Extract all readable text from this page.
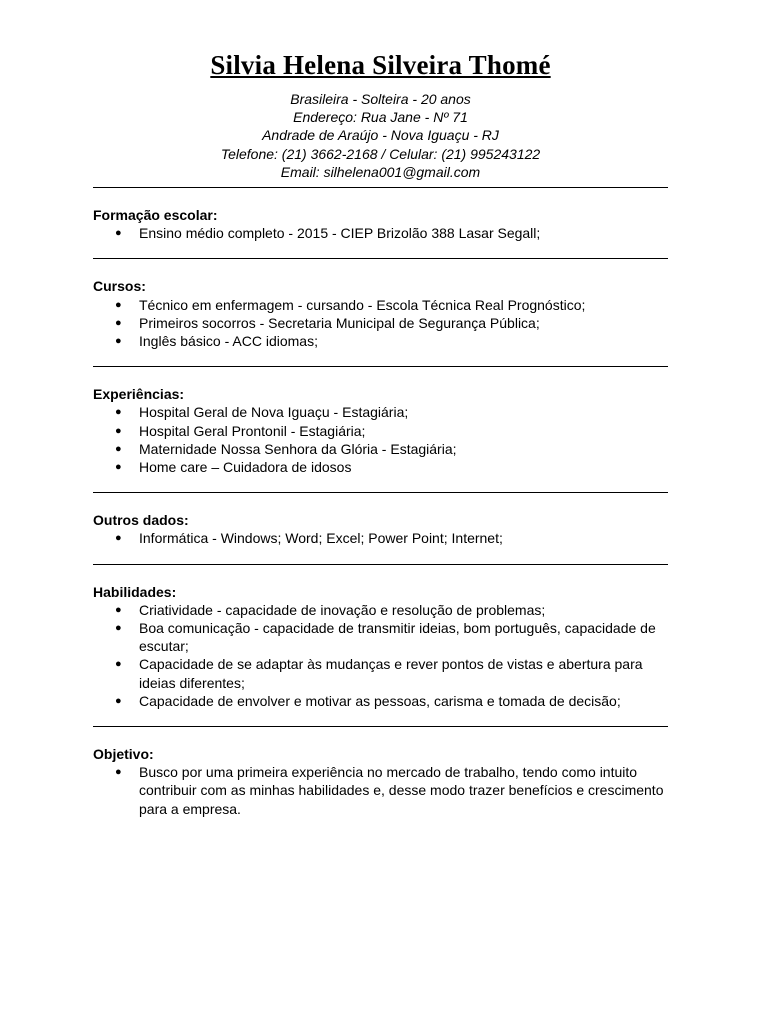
Silvia Helena Silveira Thomé
Brasileira - Solteira - 20 anos
Endereço: Rua Jane - Nº 71
Andrade de Araújo - Nova Iguaçu - RJ
Telefone: (21) 3662-2168 / Celular: (21) 995243122
Email: silhelena001@gmail.com
Formação escolar:
● Ensino médio completo - 2015 - CIEP Brizolão 388 Lasar Segall;
Cursos:
● Técnico em enfermagem - cursando - Escola Técnica Real Prognóstico;
● Primeiros socorros - Secretaria Municipal de Segurança Pública;
● Inglês básico - ACC idiomas;
Experiências:
● Hospital Geral de Nova Iguaçu - Estagiária;
● Hospital Geral Prontonil - Estagiária;
● Maternidade Nossa Senhora da Glória - Estagiária;
● Home care – Cuidadora de idosos
Outros dados:
● Informática - Windows; Word; Excel; Power Point; Internet;
Habilidades:
● Criatividade - capacidade de inovação e resolução de problemas;
● Boa comunicação - capacidade de transmitir ideias, bom português, capacidade de escutar;
● Capacidade de se adaptar às mudanças e rever pontos de vistas e abertura para ideias diferentes;
● Capacidade de envolver e motivar as pessoas, carisma e tomada de decisão;
Objetivo:
● Busco por uma primeira experiência no mercado de trabalho, tendo como intuito contribuir com as minhas habilidades e, desse modo trazer benefícios e crescimento para a empresa.
